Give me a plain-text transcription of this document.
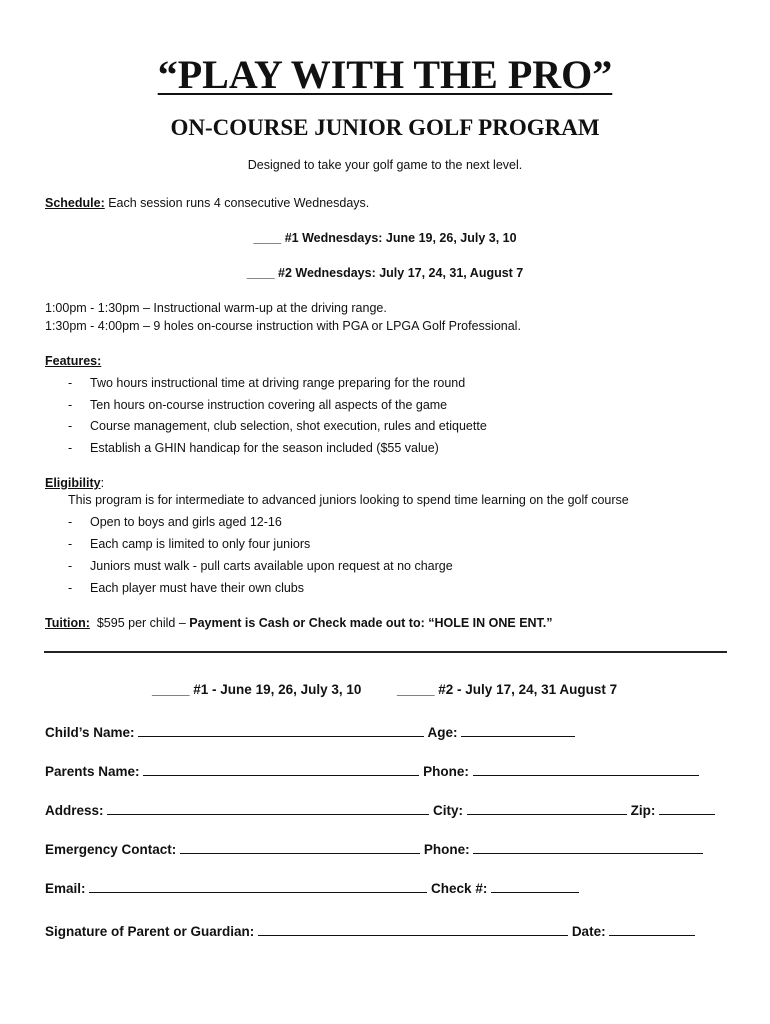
“PLAY WITH THE PRO”
ON-COURSE JUNIOR GOLF PROGRAM
Designed to take your golf game to the next level.
Schedule: Each session runs 4 consecutive Wednesdays.
____ #1 Wednesdays: June 19, 26, July 3, 10
____ #2 Wednesdays: July 17, 24, 31, August 7
1:00pm - 1:30pm – Instructional warm-up at the driving range.
1:30pm - 4:00pm – 9 holes on-course instruction with PGA or LPGA Golf Professional.
Features:
- Two hours instructional time at driving range preparing for the round
- Ten hours on-course instruction covering all aspects of the game
- Course management, club selection, shot execution, rules and etiquette
- Establish a GHIN handicap for the season included ($55 value)
Eligibility:
This program is for intermediate to advanced juniors looking to spend time learning on the golf course
- Open to boys and girls aged 12-16
- Each camp is limited to only four juniors
- Juniors must walk - pull carts available upon request at no charge
- Each player must have their own clubs
Tuition:  $595 per child – Payment is Cash or Check made out to: “HOLE IN ONE ENT.”
_____ #1 - June 19, 26, July 3, 10	_____ #2 - July 17, 24, 31 August 7
Child’s Name:	Age:
Parents Name:	Phone:
Address:	City:	Zip:
Emergency Contact:	Phone:
Email:	Check #:
Signature of Parent or Guardian:	Date:
